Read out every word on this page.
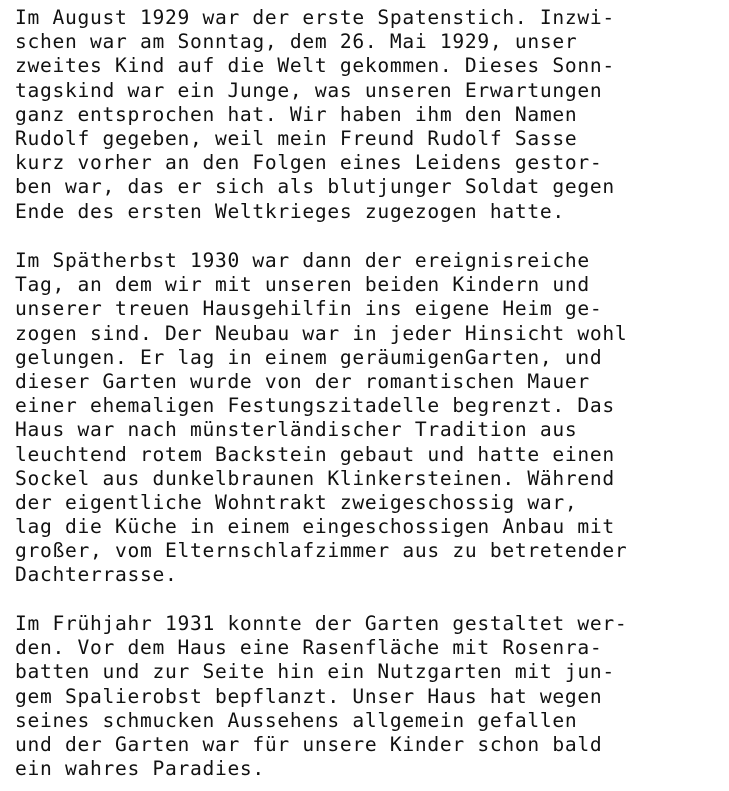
Im August 1929 war der erste Spatenstich. Inzwi-
schen war am Sonntag, dem 26. Mai 1929, unser
zweites Kind auf die Welt gekommen. Dieses Sonn-
tagskind war ein Junge, was unseren Erwartungen
ganz entsprochen hat. Wir haben ihm den Namen
Rudolf gegeben, weil mein Freund Rudolf Sasse
kurz vorher an den Folgen eines Leidens gestor-
ben war, das er sich als blutjunger Soldat gegen
Ende des ersten Weltkrieges zugezogen hatte.

Im Spätherbst 1930 war dann der ereignisreiche
Tag, an dem wir mit unseren beiden Kindern und
unserer treuen Hausgehilfin ins eigene Heim ge-
zogen sind. Der Neubau war in jeder Hinsicht wohl
gelungen. Er lag in einem geräumigenGarten, und
dieser Garten wurde von der romantischen Mauer
einer ehemaligen Festungszitadelle begrenzt. Das
Haus war nach münsterländischer Tradition aus
leuchtend rotem Backstein gebaut und hatte einen
Sockel aus dunkelbraunen Klinkersteinen. Während
der eigentliche Wohntrakt zweigeschossig war,
lag die Küche in einem eingeschossigen Anbau mit
großer, vom Elternschlafzimmer aus zu betretender
Dachterrasse.

Im Frühjahr 1931 konnte der Garten gestaltet wer-
den. Vor dem Haus eine Rasenfläche mit Rosenra-
batten und zur Seite hin ein Nutzgarten mit jun-
gem Spalierobst bepflanzt. Unser Haus hat wegen
seines schmucken Aussehens allgemein gefallen
und der Garten war für unsere Kinder schon bald
ein wahres Paradies.
